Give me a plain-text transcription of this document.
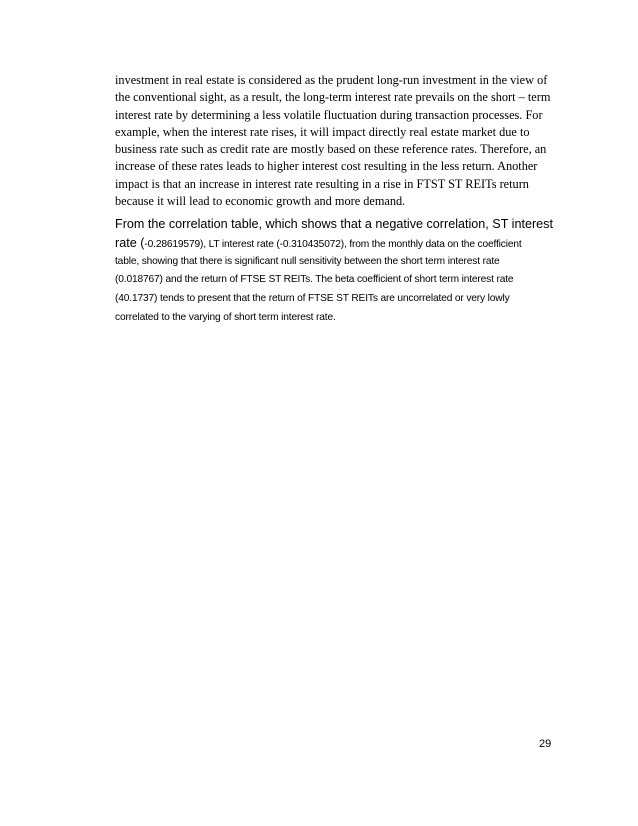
investment in real estate is considered as the prudent long-run investment in the view of
the conventional sight, as a result, the long-term interest rate prevails on the short – term
interest rate by determining a less volatile fluctuation during transaction processes. For
example, when the interest rate rises, it will impact directly real estate market due to
business rate such as credit rate are mostly based on these reference rates. Therefore, an
increase of these rates leads to higher interest cost resulting in the less return. Another
impact is that an increase in interest rate resulting in a rise in FTST ST REITs return
because it will lead to economic growth and more demand.
From the correlation table, which shows that a negative correlation, ST interest
rate (-0.28619579), LT interest rate (-0.310435072), from the monthly data on the coefficient
table, showing that there is significant null sensitivity between the short term interest rate
(0.018767) and the return of FTSE ST REITs. The beta coefficient of short term interest rate
(40.1737) tends to present that the return of FTSE ST REITs are uncorrelated or very lowly
correlated to the varying of short term interest rate.
29
